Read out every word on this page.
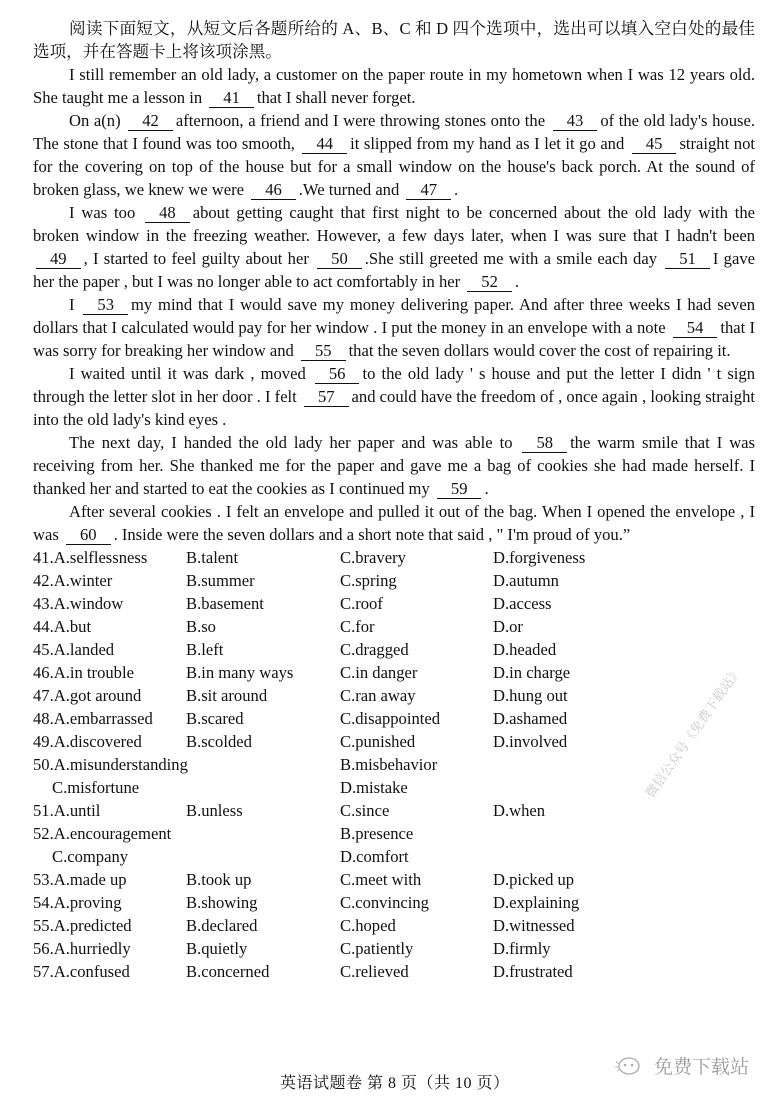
阅读下面短文，从短文后各题所给的 A、B、C 和 D 四个选项中，选出可以填入空白处的最佳选项，并在答题卡上将该项涂黑。

I still remember an old lady, a customer on the paper route in my hometown when I was 12 years old. She taught me a lesson in 41 that I shall never forget.

On a(n) 42 afternoon, a friend and I were throwing stones onto the 43 of the old lady's house. The stone that I found was too smooth, 44 it slipped from my hand as I let it go and 45 straight not for the covering on top of the house but for a small window on the house's back porch. At the sound of broken glass, we knew we were 46 .We turned and 47 .

I was too 48 about getting caught that first night to be concerned about the old lady with the broken window in the freezing weather. However, a few days later, when I was sure that I hadn't been 49 , I started to feel guilty about her 50 .She still greeted me with a smile each day 51 I gave her the paper , but I was no longer able to act comfortably in her 52 .

I 53 my mind that I would save my money delivering paper. And after three weeks I had seven dollars that I calculated would pay for her window . I put the money in an envelope with a note 54 that I was sorry for breaking her window and 55 that the seven dollars would cover the cost of repairing it.

I waited until it was dark , moved 56 to the old lady ' s house and put the letter I didn ' t sign through the letter slot in her door . I felt 57 and could have the freedom of , once again , looking straight into the old lady's kind eyes .

The next day, I handed the old lady her paper and was able to 58 the warm smile that I was receiving from her. She thanked me for the paper and gave me a bag of cookies she had made herself. I thanked her and started to eat the cookies as I continued my 59 .

After several cookies . I felt an envelope and pulled it out of the bag. When I opened the envelope , I was 60 . Inside were the seven dollars and a short note that said , " I'm proud of you.”

41.A.selflessness	B.talent	C.bravery	D.forgiveness
42.A.winter	B.summer	C.spring	D.autumn
43.A.window	B.basement	C.roof	D.access
44.A.but	B.so	C.for	D.or
45.A.landed	B.left	C.dragged	D.headed
46.A.in trouble	B.in many ways	C.in danger	D.in charge
47.A.got around	B.sit around	C.ran away	D.hung out
48.A.embarrassed	B.scared	C.disappointed	D.ashamed
49.A.discovered	B.scolded	C.punished	D.involved
50.A.misunderstanding	B.misbehavior
C.misfortune	D.mistake
51.A.until	B.unless	C.since	D.when
52.A.encouragement	B.presence
C.company	D.comfort
53.A.made up	B.took up	C.meet with	D.picked up
54.A.proving	B.showing	C.convincing	D.explaining
55.A.predicted	B.declared	C.hoped	D.witnessed
56.A.hurriedly	B.quietly	C.patiently	D.firmly
57.A.confused	B.concerned	C.relieved	D.frustrated
微信公众号《免费下载站》
英语试题卷 第 8 页（共 10 页）
免费下载站
